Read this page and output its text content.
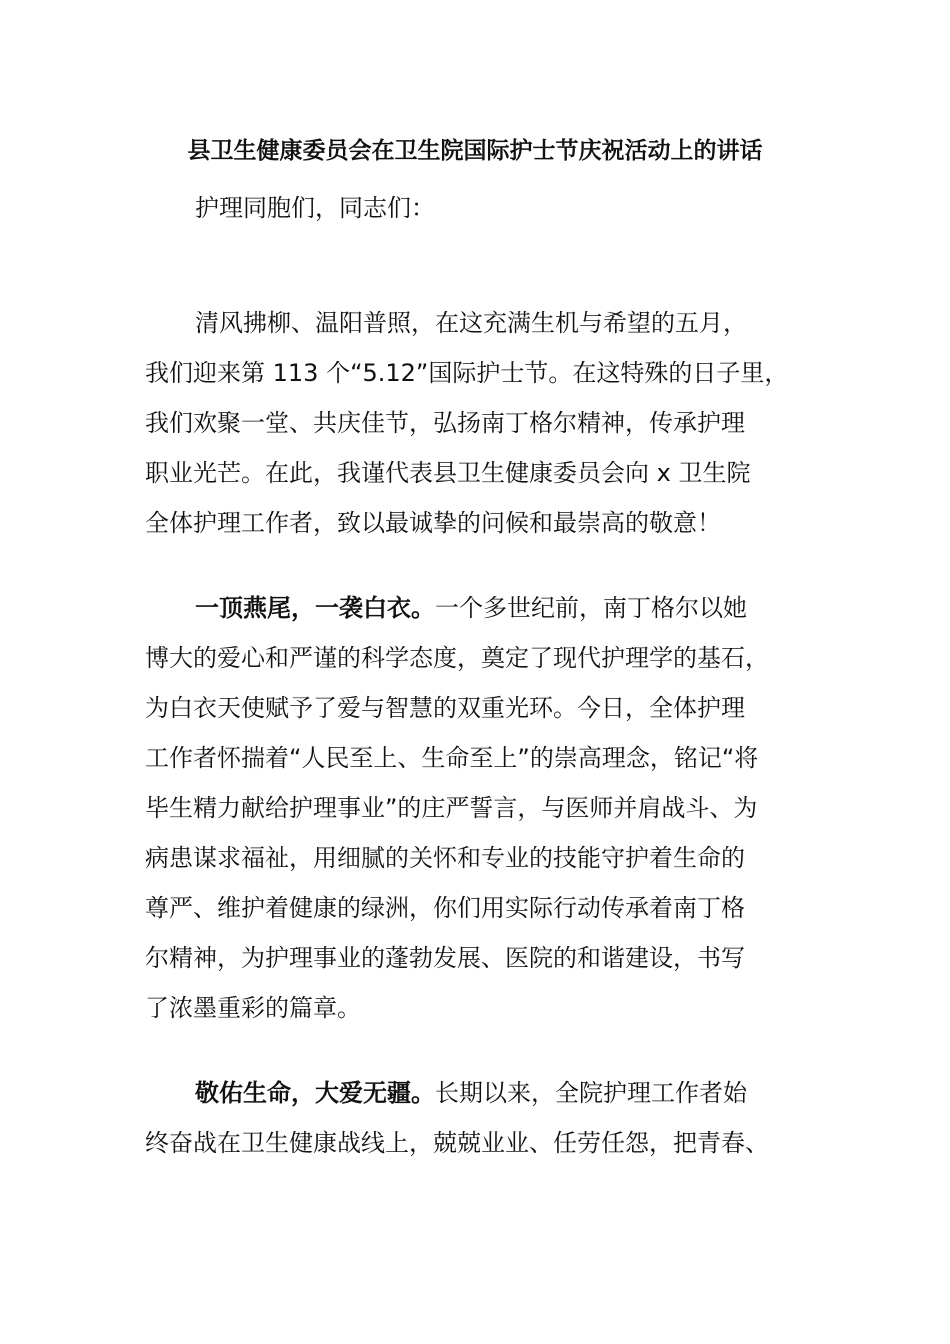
县卫生健康委员会在卫生院国际护士节庆祝活动上的讲话

护理同胞们，同志们：

清风拂柳、温阳普照，在这充满生机与希望的五月，

我们迎来第 113 个“5.12”国际护士节。在这特殊的日子里，

我们欢聚一堂、共庆佳节，弘扬南丁格尔精神，传承护理

职业光芒。在此，我谨代表县卫生健康委员会向 x 卫生院

全体护理工作者，致以最诚挚的问候和最崇高的敬意！

一顶燕尾，一袭白衣。一个多世纪前，南丁格尔以她

博大的爱心和严谨的科学态度，奠定了现代护理学的基石，

为白衣天使赋予了爱与智慧的双重光环。今日，全体护理

工作者怀揣着“人民至上、生命至上”的崇高理念，铭记“将

毕生精力献给护理事业”的庄严誓言，与医师并肩战斗、为

病患谋求福祉，用细腻的关怀和专业的技能守护着生命的

尊严、维护着健康的绿洲，你们用实际行动传承着南丁格

尔精神，为护理事业的蓬勃发展、医院的和谐建设，书写

了浓墨重彩的篇章。

敬佑生命，大爱无疆。长期以来，全院护理工作者始

终奋战在卫生健康战线上，兢兢业业、任劳任怨，把青春、
